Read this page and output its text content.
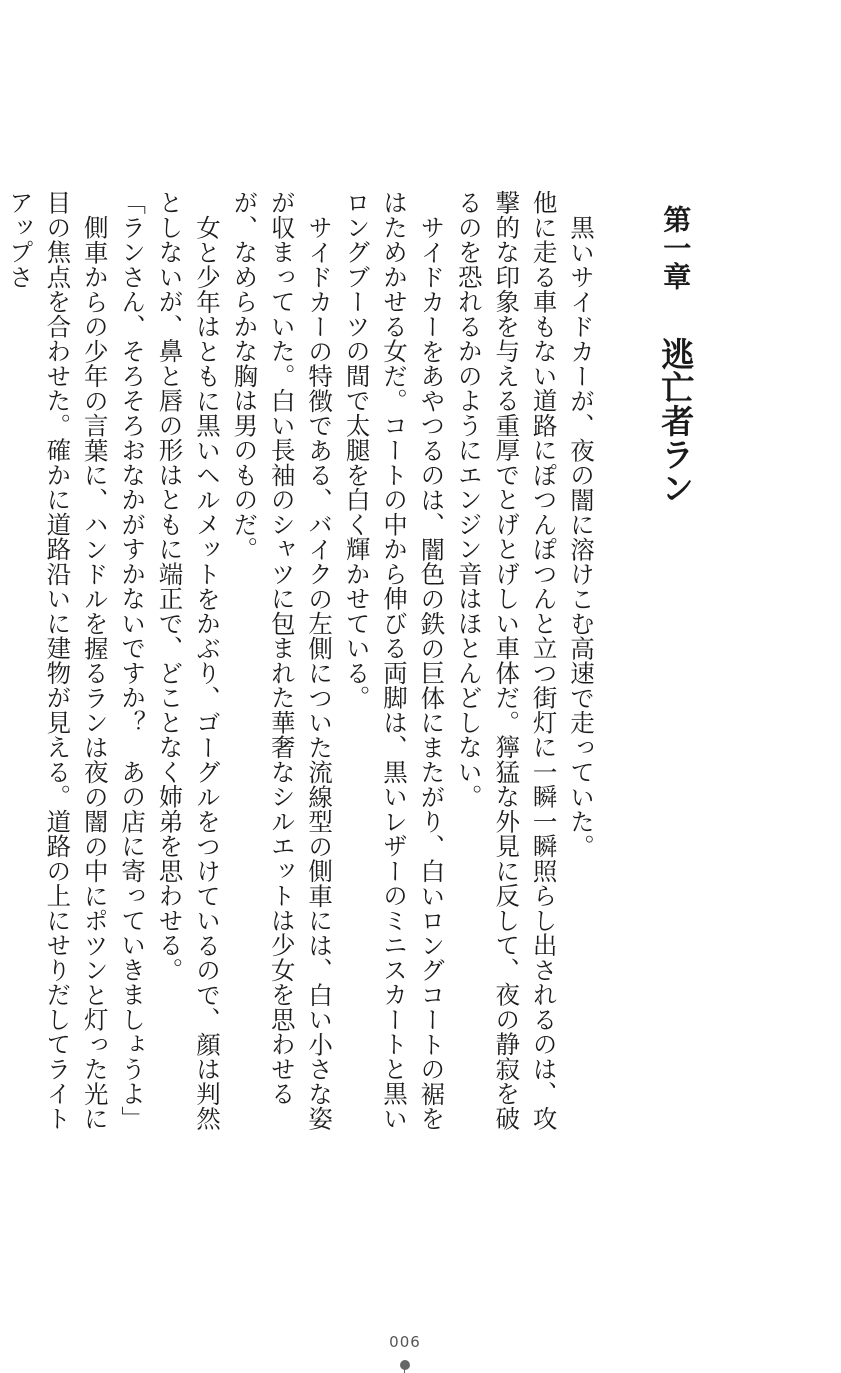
第一章 逃亡者ラン

黒いサイドカーが、夜の闇に溶けこむ高速で走っていた。

他に走る車もない道路にぽつんぽつんと立つ街灯に一瞬一瞬照らし出されるのは、攻撃的な印象を与える重厚でとげとげしい車体だ。獰猛な外見に反して、夜の静寂を破るのを恐れるかのようにエンジン音はほとんどしない。

サイドカーをあやつるのは、闇色の鉄の巨体にまたがり、白いロングコートの裾をはためかせる女だ。コートの中から伸びる両脚は、黒いレザーのミニスカートと黒いロングブーツの間で太腿を白く輝かせている。

サイドカーの特徴である、バイクの左側についた流線型の側車には、白い小さな姿が収まっていた。白い長袖のシャツに包まれた華奢なシルエットは少女を思わせるが、なめらかな胸は男のものだ。

女と少年はともに黒いヘルメットをかぶり、ゴーグルをつけているので、顔は判然としないが、鼻と唇の形はともに端正で、どことなく姉弟を思わせる。

「ランさん、そろそろおなかがすかないですか？　あの店に寄っていきましょうよ」

側車からの少年の言葉に、ハンドルを握るランは夜の闇の中にポツンと灯った光に目の焦点を合わせた。確かに道路沿いに建物が見える。道路の上にせりだしてライトアップさ

006
